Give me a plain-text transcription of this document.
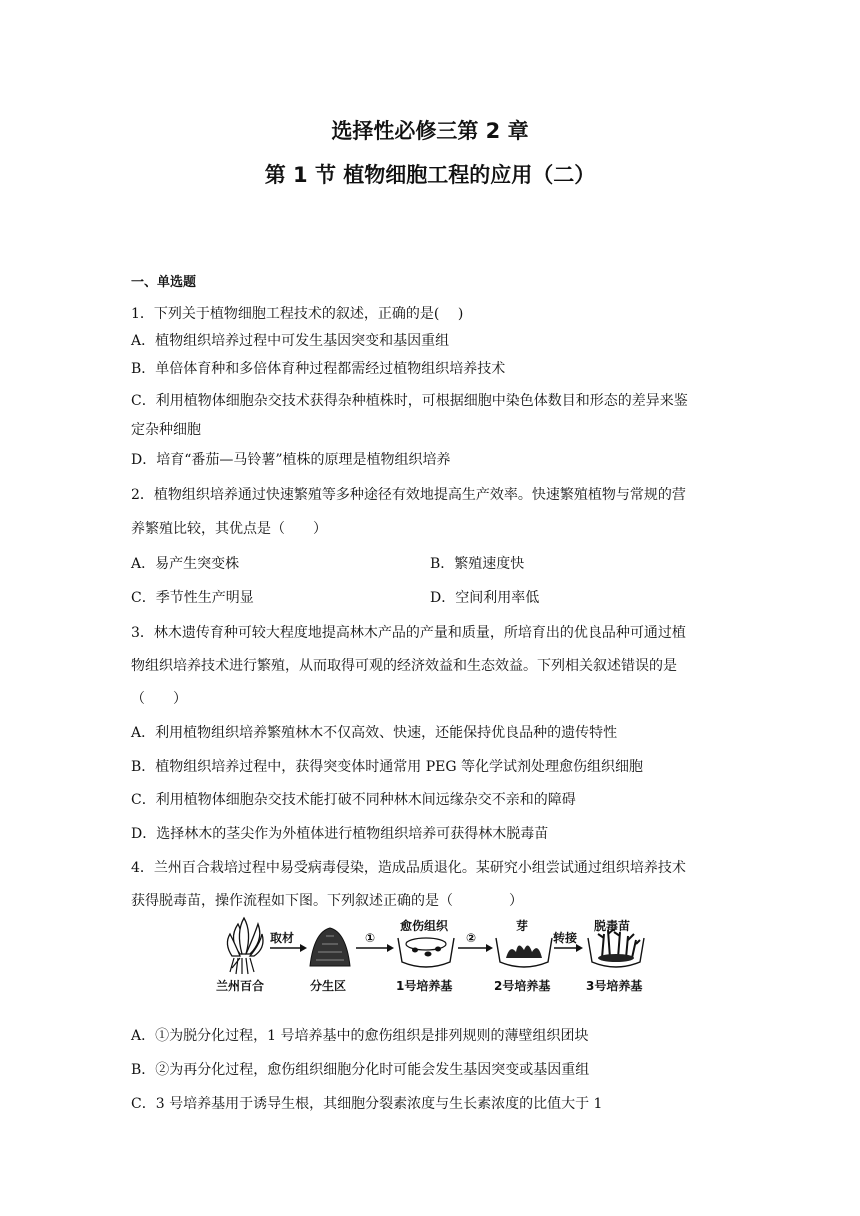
选择性必修三第 2 章
第 1 节 植物细胞工程的应用（二）
一、单选题
1．下列关于植物细胞工程技术的叙述，正确的是(　 )
A．植物组织培养过程中可发生基因突变和基因重组
B．单倍体育种和多倍体育种过程都需经过植物组织培养技术
C．利用植物体细胞杂交技术获得杂种植株时，可根据细胞中染色体数目和形态的差异来鉴
定杂种细胞
D．培育“番茄—马铃薯”植株的原理是植物组织培养
2．植物组织培养通过快速繁殖等多种途径有效地提高生产效率。快速繁殖植物与常规的营
养繁殖比较，其优点是（　　）
A．易产生突变株	B．繁殖速度快
C．季节性生产明显	D．空间利用率低
3．林木遗传育种可较大程度地提高林木产品的产量和质量，所培育出的优良品种可通过植
物组织培养技术进行繁殖，从而取得可观的经济效益和生态效益。下列相关叙述错误的是
（　　）
A．利用植物组织培养繁殖林木不仅高效、快速，还能保持优良品种的遗传特性
B．植物组织培养过程中，获得突变体时通常用 PEG 等化学试剂处理愈伤组织细胞
C．利用植物体细胞杂交技术能打破不同种林木间远缘杂交不亲和的障碍
D．选择林木的茎尖作为外植体进行植物组织培养可获得林木脱毒苗
4．兰州百合栽培过程中易受病毒侵染，造成品质退化。某研究小组尝试通过组织培养技术
获得脱毒苗，操作流程如下图。下列叙述正确的是（　　　　）
取材	①
愈伤组织
②
芽
转接
脱毒苗
兰州百合	分生区	1号培养基	2号培养基	3号培养基
A．①为脱分化过程，1 号培养基中的愈伤组织是排列规则的薄壁组织团块
B．②为再分化过程，愈伤组织细胞分化时可能会发生基因突变或基因重组
C．3 号培养基用于诱导生根，其细胞分裂素浓度与生长素浓度的比值大于 1
